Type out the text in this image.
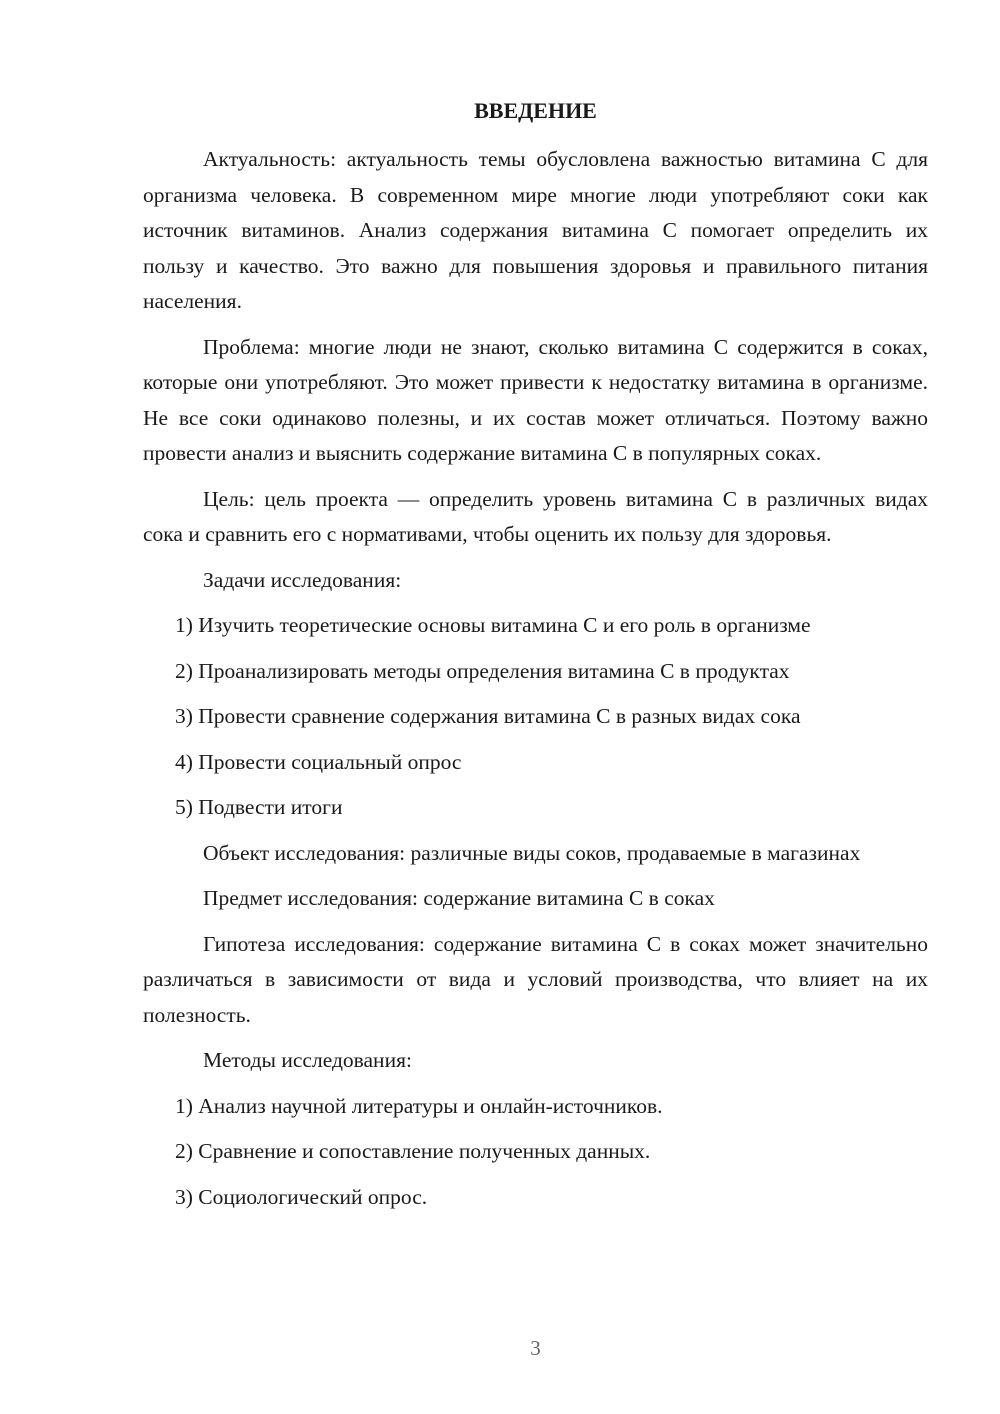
ВВЕДЕНИЕ

Актуальность: актуальность темы обусловлена важностью витамина С для организма человека. В современном мире многие люди употребляют соки как источник витаминов. Анализ содержания витамина С помогает определить их пользу и качество. Это важно для повышения здоровья и правильного питания населения.

Проблема: многие люди не знают, сколько витамина С содержится в соках, которые они употребляют. Это может привести к недостатку витамина в организме. Не все соки одинаково полезны, и их состав может отличаться. Поэтому важно провести анализ и выяснить содержание витамина С в популярных соках.

Цель: цель проекта — определить уровень витамина С в различных видах сока и сравнить его с нормативами, чтобы оценить их пользу для здоровья.

Задачи исследования:

1) Изучить теоретические основы витамина С и его роль в организме

2) Проанализировать методы определения витамина С в продуктах

3) Провести сравнение содержания витамина С в разных видах сока

4) Провести социальный опрос

5) Подвести итоги

Объект исследования: различные виды соков, продаваемые в магазинах

Предмет исследования: содержание витамина С в соках

Гипотеза исследования: содержание витамина С в соках может значительно различаться в зависимости от вида и условий производства, что влияет на их полезность.

Методы исследования:

1) Анализ научной литературы и онлайн-источников.

2) Сравнение и сопоставление полученных данных.

3) Социологический опрос.

3
